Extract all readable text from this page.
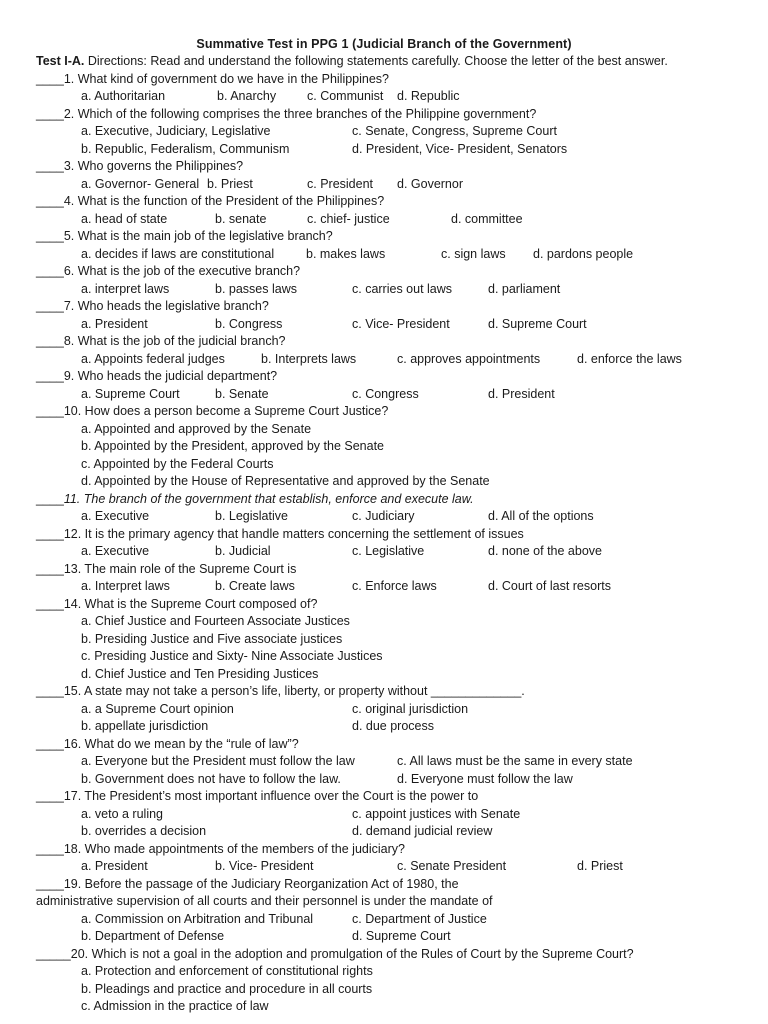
Summative Test in PPG 1 (Judicial Branch of the Government)
Test I-A. Directions: Read and understand the following statements carefully. Choose the letter of the best answer.
____1. What kind of government do we have in the Philippines?
a. Authoritarian	b. Anarchy c. Communist d. Republic
____2. Which of the following comprises the three branches of the Philippine government?
a. Executive, Judiciary, Legislative	c. Senate, Congress, Supreme Court
b. Republic, Federalism, Communism	d. President, Vice- President, Senators
____3. Who governs the Philippines?
a. Governor- General b. Priest	c. President d. Governor
____4. What is the function of the President of the Philippines?
a. head of state	b. senate	c. chief- justice	d. committee
____5. What is the main job of the legislative branch?
a. decides if laws are constitutional	b. makes laws	c. sign laws d. pardons people
____6. What is the job of the executive branch?
a. interpret laws	b. passes laws	c. carries out laws	d. parliament
____7. Who heads the legislative branch?
a. President	b. Congress	c. Vice- President	d. Supreme Court
____8. What is the job of the judicial branch?
a. Appoints federal judges	b. Interprets laws	c. approves appointments	d. enforce the laws
____9. Who heads the judicial department?
a. Supreme Court	b. Senate	c. Congress	d. President
____10. How does a person become a Supreme Court Justice?
a. Appointed and approved by the Senate
b. Appointed by the President, approved by the Senate
c. Appointed by the Federal Courts
d. Appointed by the House of Representative and approved by the Senate
____11. The branch of the government that establish, enforce and execute law.
a. Executive	b. Legislative	c. Judiciary	d. All of the options
____12. It is the primary agency that handle matters concerning the settlement of issues
a. Executive	b. Judicial	c. Legislative	d. none of the above
____13. The main role of the Supreme Court is
a. Interpret laws	b. Create laws	c. Enforce laws	d. Court of last resorts
____14. What is the Supreme Court composed of?
a. Chief Justice and Fourteen Associate Justices
b. Presiding Justice and Five associate justices
c. Presiding Justice and Sixty- Nine Associate Justices
d. Chief Justice and Ten Presiding Justices
____15. A state may not take a person’s life, liberty, or property without _____________.
a. a Supreme Court opinion	c. original jurisdiction
b. appellate jurisdiction	d. due process
____16. What do we mean by the “rule of law”?
a. Everyone but the President must follow the law	c. All laws must be the same in every state
b. Government does not have to follow the law.	d. Everyone must follow the law
____17. The President’s most important influence over the Court is the power to
a. veto a ruling	c. appoint justices with Senate
b. overrides a decision	d. demand judicial review
____18. Who made appointments of the members of the judiciary?
a. President	b. Vice- President	c. Senate President	d. Priest
____19. Before the passage of the Judiciary Reorganization Act of 1980, the
administrative supervision of all courts and their personnel is under the mandate of
a. Commission on Arbitration and Tribunal	c. Department of Justice
b. Department of Defense	d. Supreme Court
_____20. Which is not a goal in the adoption and promulgation of the Rules of Court by the Supreme Court?
a. Protection and enforcement of constitutional rights
b. Pleadings and practice and procedure in all courts
c. Admission in the practice of law
